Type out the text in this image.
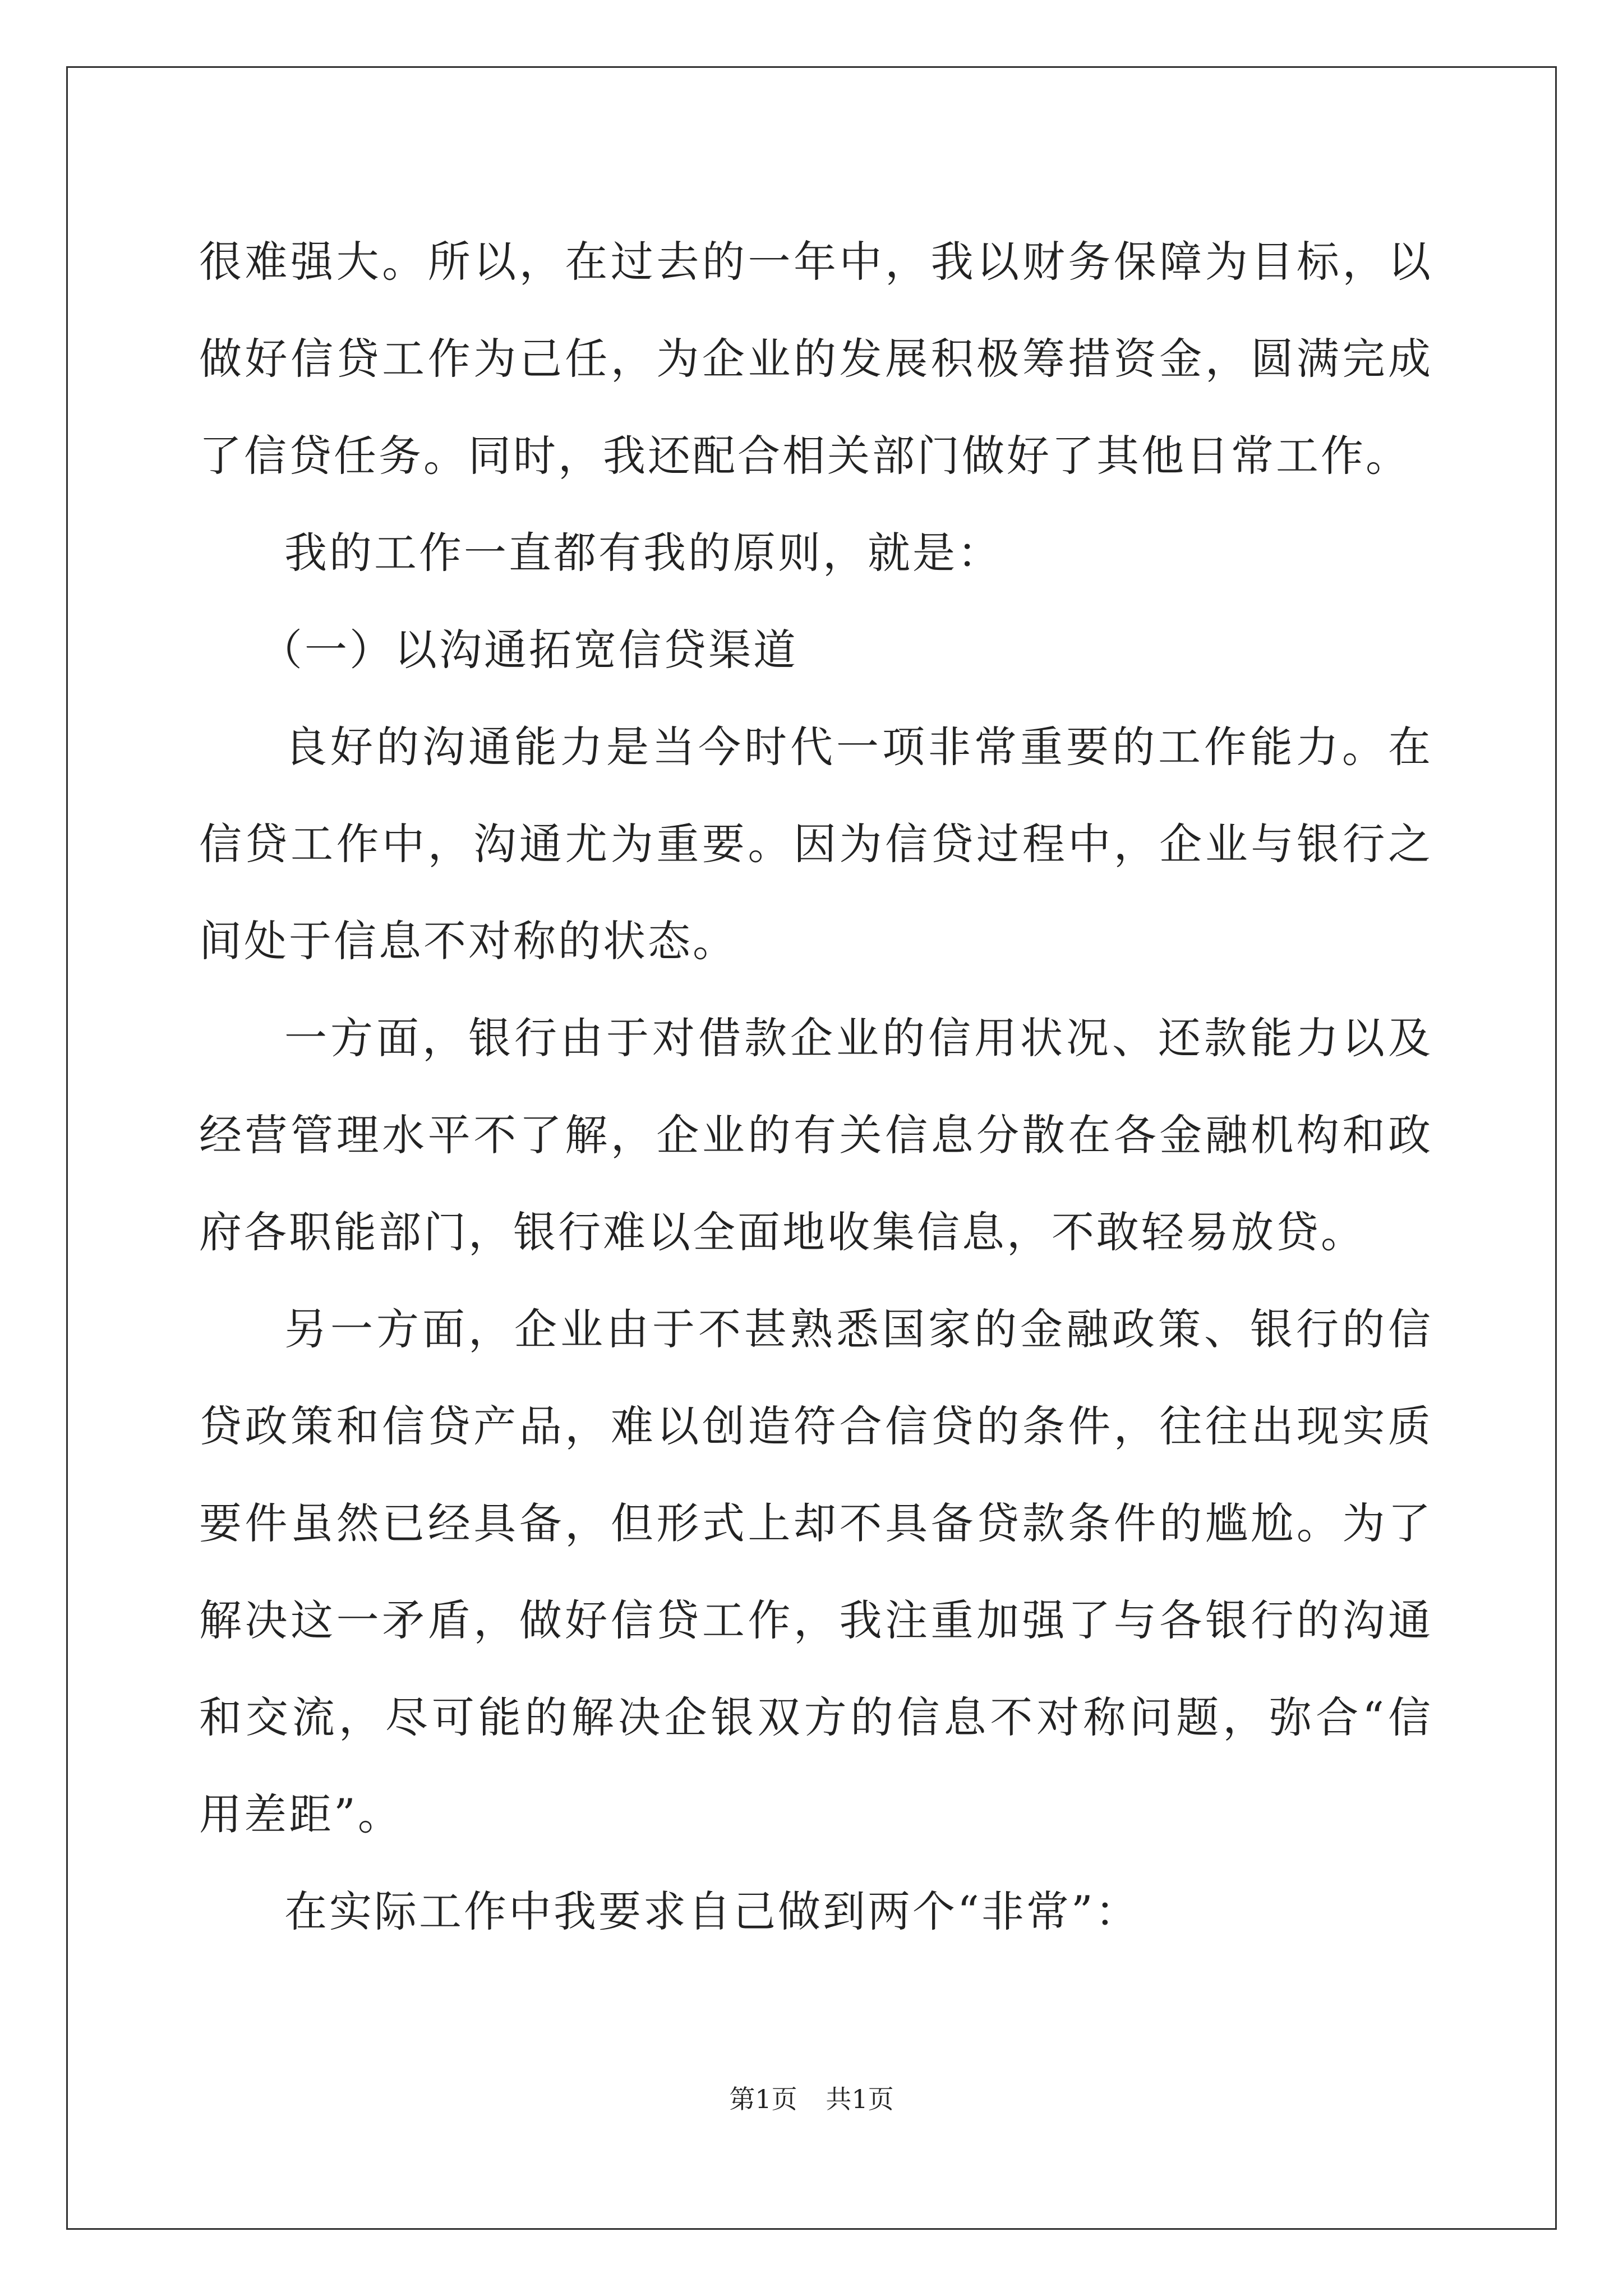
很难强大。所以，在过去的一年中，我以财务保障为目标，以做好信贷工作为己任，为企业的发展积极筹措资金，圆满完成了信贷任务。同时，我还配合相关部门做好了其他日常工作。

我的工作一直都有我的原则，就是：

（一）以沟通拓宽信贷渠道

良好的沟通能力是当今时代一项非常重要的工作能力。在信贷工作中，沟通尤为重要。因为信贷过程中，企业与银行之间处于信息不对称的状态。

一方面，银行由于对借款企业的信用状况、还款能力以及经营管理水平不了解，企业的有关信息分散在各金融机构和政府各职能部门，银行难以全面地收集信息，不敢轻易放贷。

另一方面，企业由于不甚熟悉国家的金融政策、银行的信贷政策和信贷产品，难以创造符合信贷的条件，往往出现实质要件虽然已经具备，但形式上却不具备贷款条件的尴尬。为了解决这一矛盾，做好信贷工作，我注重加强了与各银行的沟通和交流，尽可能的解决企银双方的信息不对称问题，弥合“信用差距”。

在实际工作中我要求自己做到两个“非常”：

第1页 共1页
